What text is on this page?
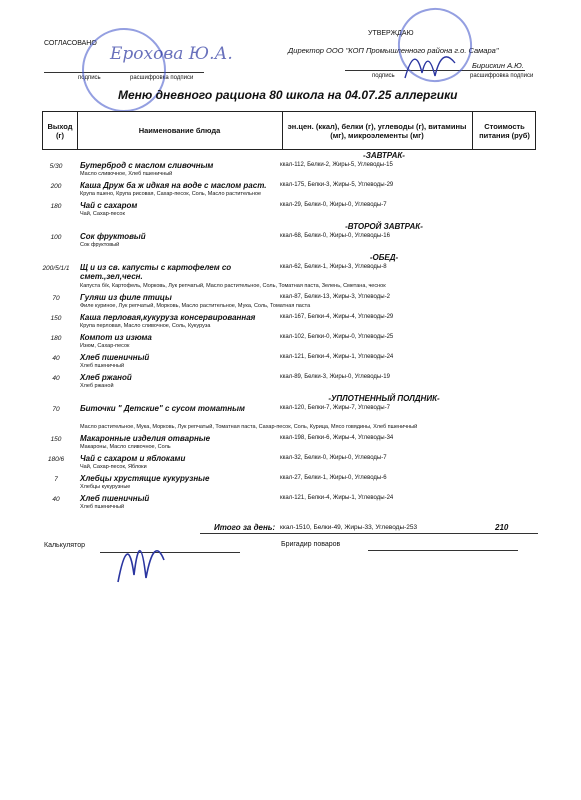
СОГЛАСОВАНО
подпись	расшифровка подписи
УТВЕРЖДАЮ
Директор ООО "КОП Промышленного района г.о. Самара"
Бирискин А.Ю.
подпись	расшифровка подписи
Ерохова Ю.А.
Меню дневного рациона 80 школа на 04.07.25 аллергики
Выход (г)	Наименование блюда	эн.цен. (ккал), белки (г), углеводы (г), витамины (мг), микроэлементы (мг)
Стоимость питания (руб)
-ЗАВТРАК-
5/30	Бутерброд с маслом сливочным	ккал-112, Белки-2, Жиры-5, Углеводы-15
Масло сливочное, Хлеб пшеничный
200	Каша Друж ба ж идкая на воде с маслом раст.	ккал-175, Белки-3, Жиры-5, Углеводы-29
Крупа пшено, Крупа рисовая, Сахар-песок, Соль, Масло растительное
180	Чай с сахаром	ккал-29, Белки-0, Жиры-0, Углеводы-7
Чай, Сахар-песок
-ВТОРОЙ ЗАВТРАК-
100	Сок фруктовый	ккал-68, Белки-0, Жиры-0, Углеводы-16
Сок фруктовый
-ОБЕД-
200/5/1/1 Щ и из св. капусты с картофелем со смет.,зел,чесн.
ккал-62, Белки-1, Жиры-3, Углеводы-8
Капуста б/к, Картофель, Морковь, Лук репчатый, Масло растительное, Соль, Томатная паста, Зелень, Сметана, чеснок
70	Гуляш из филе птицы	ккал-87, Белки-13, Жиры-3, Углеводы-2
Филе куриное, Лук репчатый, Морковь, Масло растительное, Мука, Соль, Томатная паста
150	Каша перловая,кукуруза консервированная	ккал-167, Белки-4, Жиры-4, Углеводы-29
Крупа перловая, Масло сливочное, Соль, Кукуруза
180	Компот из изюма	ккал-102, Белки-0, Жиры-0, Углеводы-25
Изюм, Сахар-песок
40	Хлеб пшеничный	ккал-121, Белки-4, Жиры-1, Углеводы-24
Хлеб пшеничный
40	Хлеб ржаной	ккал-89, Белки-3, Жиры-0, Углеводы-19
Хлеб ржаной
-УПЛОТНЕННЫЙ ПОЛДНИК-
70	Биточки " Детские" с сусом томатным	ккал-120, Белки-7, Жиры-7, Углеводы-7
Масло растительное, Мука, Морковь, Лук репчатый, Томатная паста, Сахар-песок, Соль, Курица, Мясо говядины, Хлеб пшеничный
150	Макаронные изделия отварные	ккал-198, Белки-6, Жиры-4, Углеводы-34
Макароны, Масло сливочное, Соль
180/6	Чай с сахаром и яблоками	ккал-32, Белки-0, Жиры-0, Углеводы-7
Чай, Сахар-песок, Яблоки
7	Хлебцы хрустящие кукурузные	ккал-27, Белки-1, Жиры-0, Углеводы-6
Хлебцы кукурузные
40	Хлеб пшеничный	ккал-121, Белки-4, Жиры-1, Углеводы-24
Хлеб пшеничный
Итого за день: ккал-1510, Белки-49, Жиры-33, Углеводы-253	210
Калькулятор	Бригадир поваров
